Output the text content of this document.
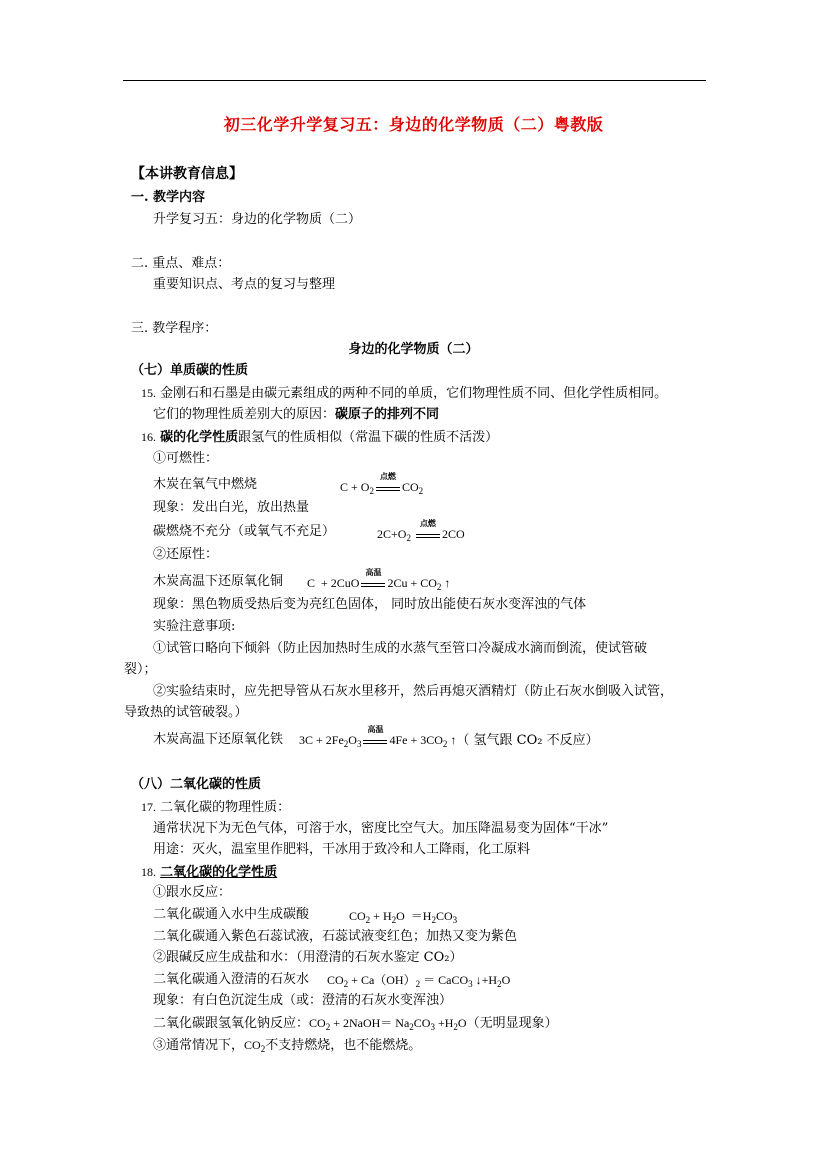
初三化学升学复习五：身边的化学物质（二）粤教版
【本讲教育信息】
一. 教学内容
升学复习五：身边的化学物质（二）
二. 重点、难点：
重要知识点、考点的复习与整理
三. 教学程序：
身边的化学物质（二）
（七）单质碳的性质
15. 金刚石和石墨是由碳元素组成的两种不同的单质，它们物理性质不同、但化学性质相同。
它们的物理性质差别大的原因：碳原子的排列不同
16. 碳的化学性质跟氢气的性质相似（常温下碳的性质不活泼）
①可燃性：
木炭在氧气中燃烧	$C + O_2$
点燃
$CO_2$
现象：发出白光，放出热量
碳燃烧不充分（或氧气不充足）	$2C+O_2$
点燃
2CO
②还原性：
木炭高温下还原氧化铜 C  + 2CuO
高温
$2Cu + CO_2$ ↑
现象：黑色物质受热后变为亮红色固体， 同时放出能使石灰水变浑浊的气体
实验注意事项:
①试管口略向下倾斜（防止因加热时生成的水蒸气至管口冷凝成水滴而倒流，使试管破
裂）；
②实验结束时，应先把导管从石灰水里移开，然后再熄灭酒精灯（防止石灰水倒吸入试管，
导致热的试管破裂。）
木炭高温下还原氧化铁 $3C + 2Fe_2O_3$
高温
$4Fe + 3CO_2$ ↑（ 氢气跟 CO₂ 不反应）
（八）二氧化碳的性质
17. 二氧化碳的物理性质：
通常状况下为无色气体，可溶于水，密度比空气大。加压降温易变为固体“干冰”
用途：灭火，温室里作肥料，干冰用于致冷和人工降雨，化工原料
18. 二氧化碳的化学性质
①跟水反应：
二氧化碳通入水中生成碳酸	$CO_2 + H_2O =H_2CO_3$
二氧化碳通入紫色石蕊试液，石蕊试液变红色；加热又变为紫色
②跟碱反应生成盐和水：（用澄清的石灰水鉴定 CO₂）
二氧化碳通入澄清的石灰水 $CO_2 + Ca(OH)_2$ ＝ CaCO$_3$ $↓+H_2O$
现象：有白色沉淀生成（或：澄清的石灰水变浑浊）
二氧化碳跟氢氧化钠反应：$CO_2$ + 2NaOH＝ $Na_2CO_3 +H_2O$（无明显现象）
③通常情况下，$CO_2$不支持燃烧，也不能燃烧。
